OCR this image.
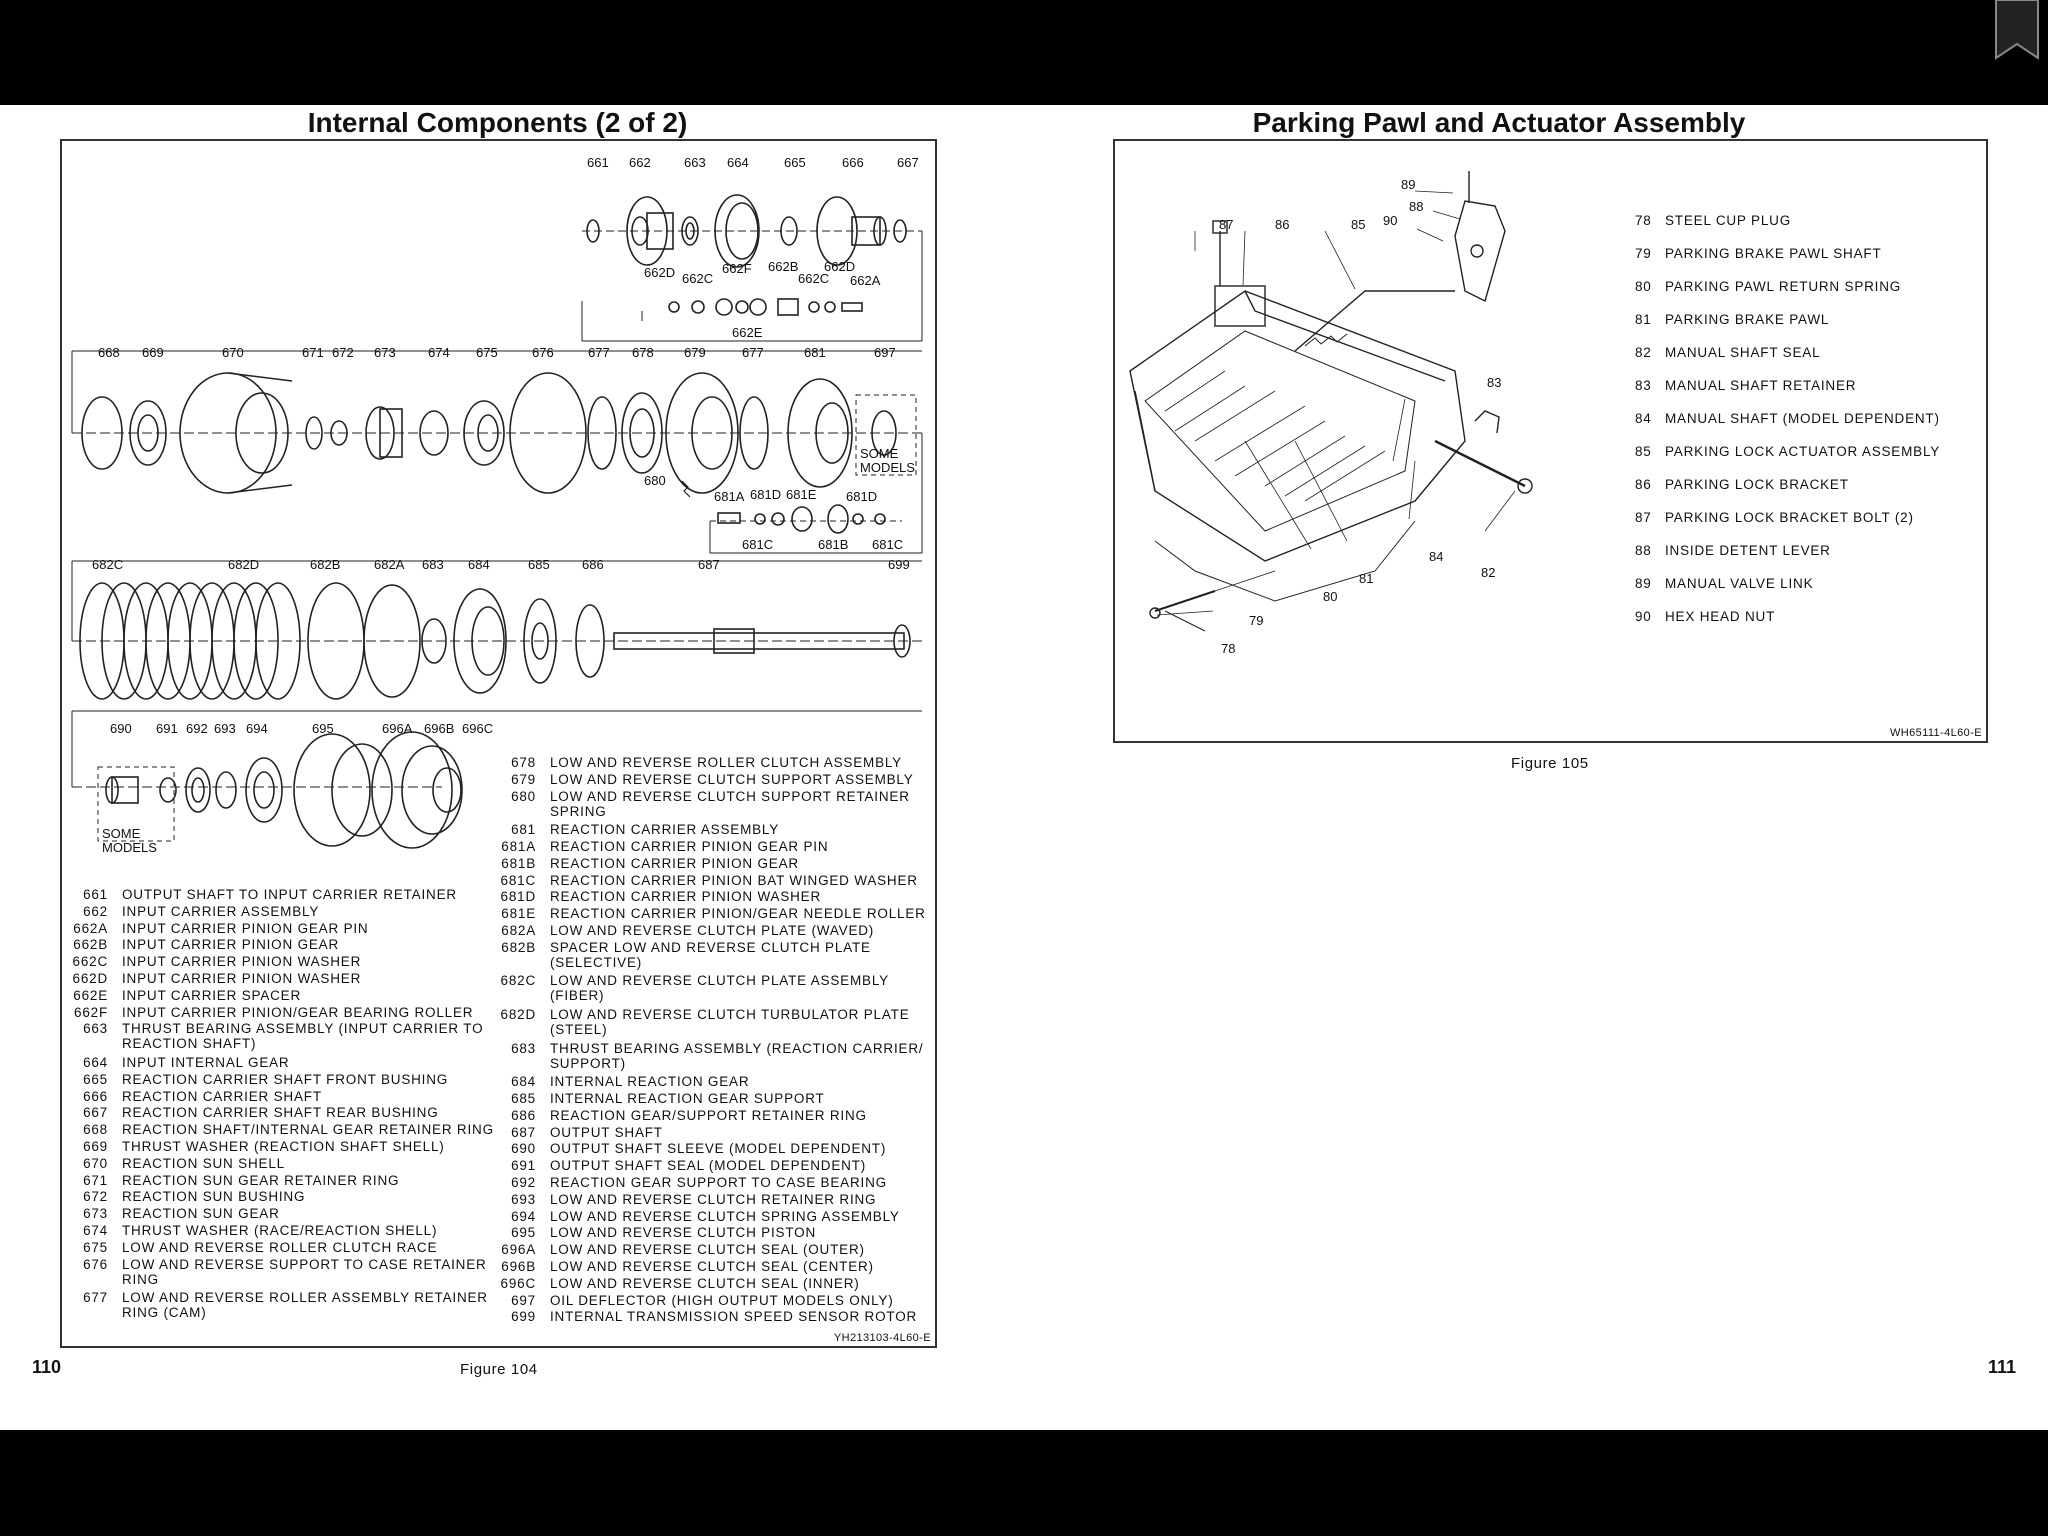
Internal Components (2 of 2)
661 662	663 664	665	666	667
662D 662C
662F 662B
662C
662D
662A
662E
668 669	670	671 672 673 674 675	676	677 678 679	677	681	697
680
SOME
MODELS
681A 681D 681E 681D
681C	681B 681C
682C	682D	682B	682A 683 684	685 686	687	699
690 691 692 693 694	695	696A 696B 696C
SOME
MODELS
661 OUTPUT SHAFT TO INPUT CARRIER RETAINER
662 INPUT CARRIER ASSEMBLY
662A INPUT CARRIER PINION GEAR PIN
662B INPUT CARRIER PINION GEAR
662C INPUT CARRIER PINION WASHER
662D INPUT CARRIER PINION WASHER
662E INPUT CARRIER SPACER
662F INPUT CARRIER PINION/GEAR BEARING ROLLER
663 THRUST BEARING ASSEMBLY (INPUT CARRIER TO
REACTION SHAFT)
664 INPUT INTERNAL GEAR
665 REACTION CARRIER SHAFT FRONT BUSHING
666 REACTION CARRIER SHAFT
667 REACTION CARRIER SHAFT REAR BUSHING
668 REACTION SHAFT/INTERNAL GEAR RETAINER RING
669 THRUST WASHER (REACTION SHAFT SHELL)
670 REACTION SUN SHELL
671 REACTION SUN GEAR RETAINER RING
672 REACTION SUN BUSHING
673 REACTION SUN GEAR
674 THRUST WASHER (RACE/REACTION SHELL)
675 LOW AND REVERSE ROLLER CLUTCH RACE
676 LOW AND REVERSE SUPPORT TO CASE RETAINER
RING
677 LOW AND REVERSE ROLLER ASSEMBLY RETAINER
RING (CAM)
678 LOW AND REVERSE ROLLER CLUTCH ASSEMBLY
679 LOW AND REVERSE CLUTCH SUPPORT ASSEMBLY
680 LOW AND REVERSE CLUTCH SUPPORT RETAINER
SPRING
681 REACTION CARRIER ASSEMBLY
681A REACTION CARRIER PINION GEAR PIN
681B REACTION CARRIER PINION GEAR
681C REACTION CARRIER PINION BAT WINGED WASHER
681D REACTION CARRIER PINION WASHER
681E REACTION CARRIER PINION/GEAR NEEDLE ROLLER
682A LOW AND REVERSE CLUTCH PLATE (WAVED)
682B SPACER LOW AND REVERSE CLUTCH PLATE
(SELECTIVE)
682C LOW AND REVERSE CLUTCH PLATE ASSEMBLY
(FIBER)
682D LOW AND REVERSE CLUTCH TURBULATOR PLATE
(STEEL)
683 THRUST BEARING ASSEMBLY (REACTION CARRIER/
SUPPORT)
684 INTERNAL REACTION GEAR
685 INTERNAL REACTION GEAR SUPPORT
686 REACTION GEAR/SUPPORT RETAINER RING
687 OUTPUT SHAFT
690 OUTPUT SHAFT SLEEVE (MODEL DEPENDENT)
691 OUTPUT SHAFT SEAL (MODEL DEPENDENT)
692 REACTION GEAR SUPPORT TO CASE BEARING
693 LOW AND REVERSE CLUTCH RETAINER RING
694 LOW AND REVERSE CLUTCH SPRING ASSEMBLY
695 LOW AND REVERSE CLUTCH PISTON
696A LOW AND REVERSE CLUTCH SEAL (OUTER)
696B LOW AND REVERSE CLUTCH SEAL (CENTER)
696C LOW AND REVERSE CLUTCH SEAL (INNER)
697 OIL DEFLECTOR (HIGH OUTPUT MODELS ONLY)
699 INTERNAL TRANSMISSION SPEED SENSOR ROTOR
YH213103-4L60-E
110	Figure 104
Parking Pawl and Actuator Assembly
89
88
87	86	85 90
83
84
82
81
80
79
78
78 STEEL CUP PLUG
79 PARKING BRAKE PAWL SHAFT
80 PARKING PAWL RETURN SPRING
81 PARKING BRAKE PAWL
82 MANUAL SHAFT SEAL
83 MANUAL SHAFT RETAINER
84 MANUAL SHAFT (MODEL DEPENDENT)
85 PARKING LOCK ACTUATOR ASSEMBLY
86 PARKING LOCK BRACKET
87 PARKING LOCK BRACKET BOLT (2)
88 INSIDE DETENT LEVER
89 MANUAL VALVE LINK
90 HEX HEAD NUT
WH65111-4L60-E
Figure 105
111
